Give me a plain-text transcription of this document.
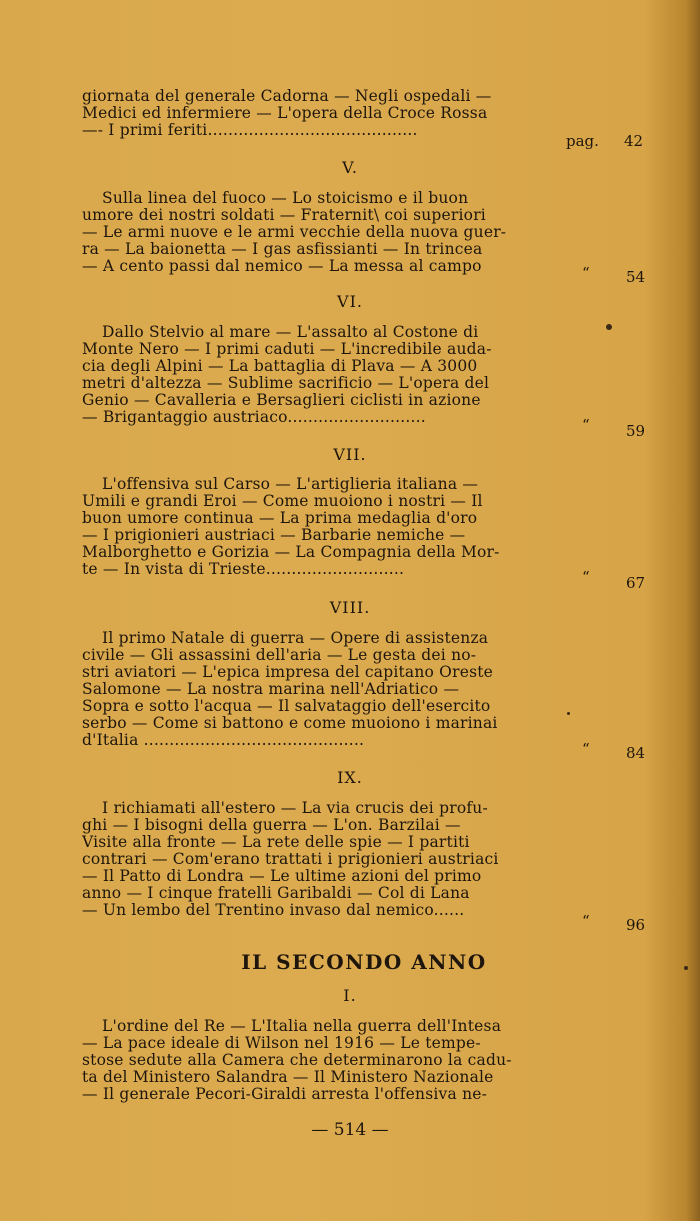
giornata del generale Cadorna — Negli ospedali —
Medici ed infermiere — L'opera della Croce Rossa
—- I primi feriti.........................................
pag. 42
V.
Sulla linea del fuoco — Lo stoicismo e il buon
umore dei nostri soldati — Fraternit\ coi superiori
— Le armi nuove e le armi vecchie della nuova guer-
ra — La baionetta — I gas asfissianti — In trincea
— A cento passi dal nemico — La messa al campo	“ 54
VI.
Dallo Stelvio al mare — L'assalto al Costone di
Monte Nero — I primi caduti — L'incredibile auda-
cia degli Alpini — La battaglia di Plava — A 3000
metri d'altezza — Sublime sacrificio — L'opera del
Genio — Cavalleria e Bersaglieri ciclisti in azione
— Brigantaggio austriaco...........................	“ 59
VII.
L'offensiva sul Carso — L'artiglieria italiana —
Umili e grandi Eroi — Come muoiono i nostri — Il
buon umore continua — La prima medaglia d'oro
— I prigionieri austriaci — Barbarie nemiche —
Malborghetto e Gorizia — La Compagnia della Mor-
te — In vista di Trieste...........................	“ 67
VIII.
Il primo Natale di guerra — Opere di assistenza
civile — Gli assassini dell'aria — Le gesta dei no-
stri aviatori — L'epica impresa del capitano Oreste
Salomone — La nostra marina nell'Adriatico —
Sopra e sotto l'acqua — Il salvataggio dell'esercito
serbo — Come si battono e come muoiono i marinai
d'Italia ...........................................	“ 84
IX.
I richiamati all'estero — La via crucis dei profu-
ghi — I bisogni della guerra — L'on. Barzilai —
Visite alla fronte — La rete delle spie — I partiti
contrari — Com'erano trattati i prigionieri austriaci
— Il Patto di Londra — Le ultime azioni del primo
anno — I cinque fratelli Garibaldi — Col di Lana
— Un lembo del Trentino invaso dal nemico......
“ 96
IL SECONDO ANNO
I.
L'ordine del Re — L'Italia nella guerra dell'Intesa
— La pace ideale di Wilson nel 1916 — Le tempe-
stose sedute alla Camera che determinarono la cadu-
ta del Ministero Salandra — Il Ministero Nazionale
— Il generale Pecori-Giraldi arresta l'offensiva ne-
— 514 —
